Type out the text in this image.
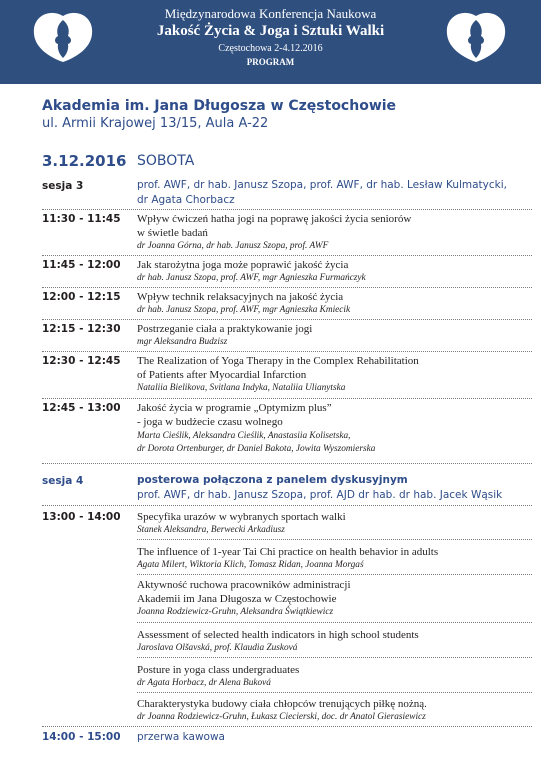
Międzynarodowa Konferencja Naukowa
Jakość Życia & Joga i Sztuki Walki
Częstochowa 2-4.12.2016
PROGRAM
Akademia im. Jana Długosza w Częstochowie
ul. Armii Krajowej 13/15, Aula A-22
3.12.2016 SOBOTA
sesja 3	prof. AWF, dr hab. Janusz Szopa, prof. AWF, dr hab. Lesław Kulmatycki,
dr Agata Chorbacz
11:30 - 11:45 Wpływ ćwiczeń hatha jogi na poprawę jakości życia seniorów
w świetle badań
dr Joanna Górna, dr hab. Janusz Szopa, prof. AWF
11:45 - 12:00 Jak starożytna joga może poprawić jakość życia
dr hab. Janusz Szopa, prof. AWF, mgr Agnieszka Furmańczyk
12:00 - 12:15 Wpływ technik relaksacyjnych na jakość życia
dr hab. Janusz Szopa, prof. AWF, mgr Agnieszka Kmiecik
12:15 - 12:30 Postrzeganie ciała a praktykowanie jogi
mgr Aleksandra Budzisz
12:30 - 12:45 The Realization of Yoga Therapy in the Complex Rehabilitation
of Patients after Myocardial Infarction
Nataliia Bielikova, Svitlana Indyka, Nataliia Ulianytska
12:45 - 13:00 Jakość życia w programie „Optymizm plus”
- joga w budżecie czasu wolnego
Marta Cieślik, Aleksandra Cieślik, Anastasiia Kolisetska,
dr Dorota Ortenburger, dr Daniel Bakota, Jowita Wyszomierska
sesja 4	posterowa połączona z panelem dyskusyjnym
prof. AWF, dr hab. Janusz Szopa, prof. AJD dr hab. dr hab. Jacek Wąsik
13:00 - 14:00 Specyfika urazów w wybranych sportach walki
Stanek Aleksandra, Berwecki Arkadiusz
The influence of 1-year Tai Chi practice on health behavior in adults
Agata Milert, Wiktoria Klich, Tomasz Ridan, Joanna Morgaś
Aktywność ruchowa pracowników administracji
Akademii im Jana Długosza w Częstochowie
Joanna Rodziewicz-Gruhn, Aleksandra Świątkiewicz
Assessment of selected health indicators in high school students
Jaroslava Olšavská, prof. Klaudia Zusková
Posture in yoga class undergraduates
dr Agata Horbacz, dr Alena Buková
Charakterystyka budowy ciała chłopców trenujących piłkę nożną.
dr Joanna Rodziewicz-Gruhn, Łukasz Ciecierski, doc. dr Anatol Gierasiewicz
14:00 - 15:00 przerwa kawowa
